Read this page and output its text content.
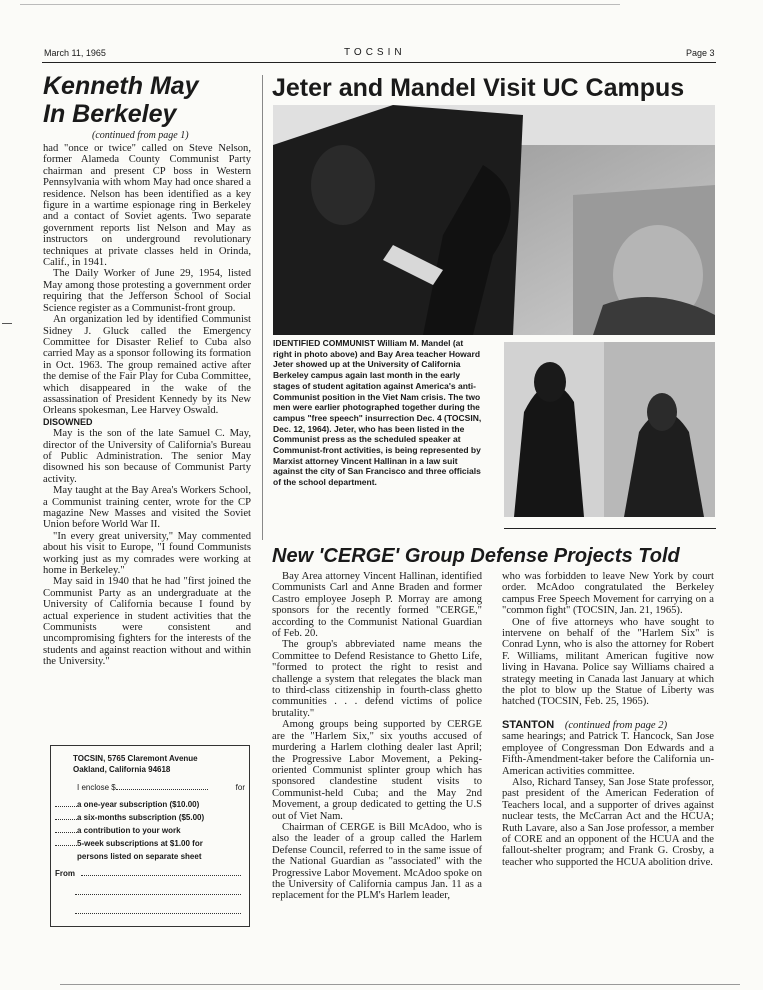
March 11, 1965	TOCSIN	Page 3
Kenneth May
In Berkeley
(continued from page 1)

had "once or twice" called on Steve Nelson, former Alameda County Communist Party chairman and present CP boss in Western Pennsylvania with whom May had once shared a residence. Nelson has been identified as a key figure in a wartime espionage ring in Berkeley and a contact of Soviet agents. Two separate government reports list Nelson and May as instructors on underground revolutionary techniques at private classes held in Orinda, Calif., in 1941.

The Daily Worker of June 29, 1954, listed May among those protesting a government order requiring that the Jefferson School of Social Science register as a Communist-front group.

An organization led by identified Communist Sidney J. Gluck called the Emergency Committee for Disaster Relief to Cuba also carried May as a sponsor following its formation in Oct. 1963. The group remained active after the demise of the Fair Play for Cuba Committee, which disappeared in the wake of the assassination of President Kennedy by its New Orleans spokesman, Lee Harvey Oswald.

DISOWNED

May is the son of the late Samuel C. May, director of the University of California's Bureau of Public Administration. The senior May disowned his son because of Communist Party activity.

May taught at the Bay Area's Workers School, a Communist training center, wrote for the CP magazine New Masses and visited the Soviet Union before World War II.

"In every great university," May commented about his visit to Europe, "I found Communists working just as my comrades were working at home in Berkeley."

May said in 1940 that he had "first joined the Communist Party as an undergraduate at the University of California because I found by actual experience in student activities that the Communists were consistent and uncompromising fighters for the interests of the students and against reaction without and within the University."

TOCSIN, 5765 Claremont Avenue
Oakland, California 94618
I enclose $	for
a one-year subscription ($10.00)
a six-months subscription ($5.00)
a contribution to your work
5-week subscriptions at $1.00 for
persons listed on separate sheet
From
Jeter and Mandel Visit UC Campus
IDENTIFIED COMMUNIST William M. Mandel (at right in photo above) and Bay Area teacher Howard Jeter showed up at the University of California Berkeley campus again last month in the early stages of student agitation against America's anti-Communist position in the Viet Nam crisis. The two men were earlier photographed together during the campus "free speech" insurrection Dec. 4 (TOCSIN, Dec. 12, 1964). Jeter, who has been listed in the Communist press as the scheduled speaker at Communist-front activities, is being represented by Marxist attorney Vincent Hallinan in a law suit against the city of San Francisco and three officials of the school department.
New 'CERGE' Group Defense Projects Told

Bay Area attorney Vincent Hallinan, identified Communists Carl and Anne Braden and former Castro employee Joseph P. Morray are among sponsors for the recently formed "CERGE," according to the Communist National Guardian of Feb. 20.

The group's abbreviated name means the Committee to Defend Resistance to Ghetto Life, "formed to protect the right to resist and challenge a system that relegates the black man to third-class citizenship in fourth-class ghetto communities . . . defend victims of police brutality."

Among groups being supported by CERGE are the "Harlem Six," six youths accused of murdering a Harlem clothing dealer last April; the Progressive Labor Movement, a Peking-oriented Communist splinter group which has sponsored clandestine student visits to Communist-held Cuba; and the May 2nd Movement, a group dedicated to getting the U.S out of Viet Nam.

Chairman of CERGE is Bill McAdoo, who is also the leader of a group called the Harlem Defense Council, referred to in the same issue of the National Guardian as "associated" with the Progressive Labor Movement. McAdoo spoke on the University of California campus Jan. 11 as a replacement for the PLM's Harlem leader,

who was forbidden to leave New York by court order. McAdoo congratulated the Berkeley campus Free Speech Movement for carrying on a "common fight" (TOCSIN, Jan. 21, 1965).

One of five attorneys who have sought to intervene on behalf of the "Harlem Six" is Conrad Lynn, who is also the attorney for Robert F. Williams, militant American fugitive now living in Havana. Police say Williams chaired a strategy meeting in Canada last January at which the plot to blow up the Statue of Liberty was hatched (TOCSIN, Feb. 25, 1965).

STANTON (continued from page 2)

same hearings; and Patrick T. Hancock, San Jose employee of Congressman Don Edwards and a Fifth-Amendment-taker before the California un-American activities committee.

Also, Richard Tansey, San Jose State professor, past president of the American Federation of Teachers local, and a supporter of drives against nuclear tests, the McCarran Act and the HCUA; Ruth Lavare, also a San Jose professor, a member of CORE and an opponent of the HCUA and the fallout-shelter program; and Frank G. Crosby, a teacher who supported the HCUA abolition drive.
